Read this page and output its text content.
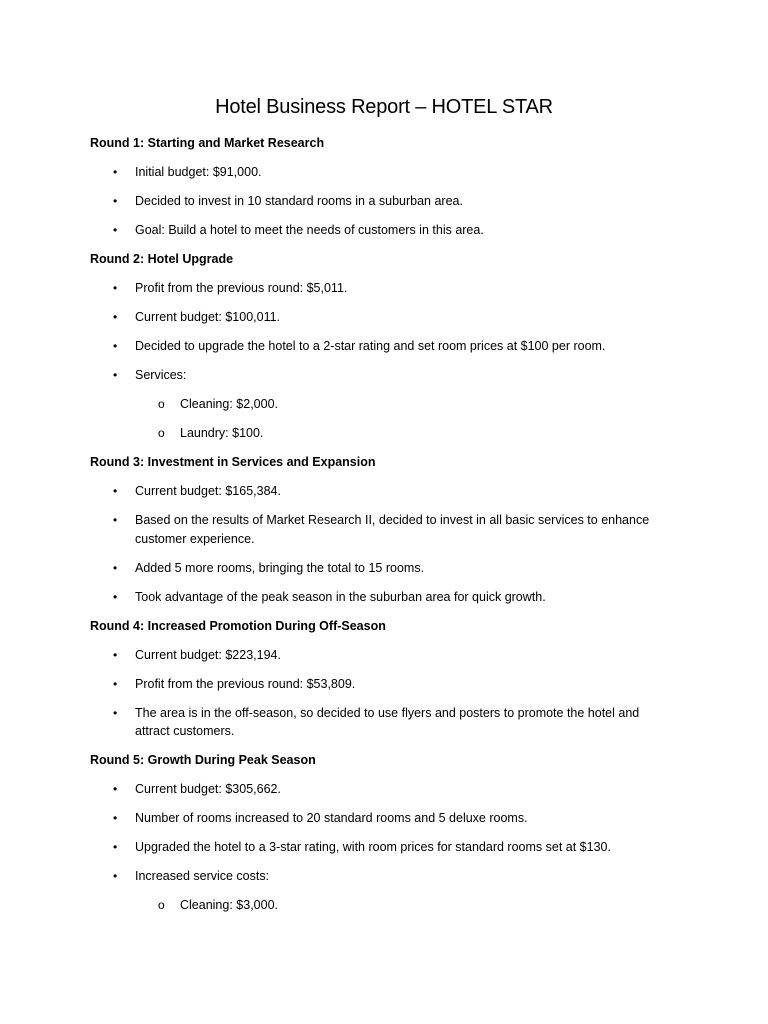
Hotel Business Report – HOTEL STAR

Round 1: Starting and Market Research

• Initial budget: $91,000.
• Decided to invest in 10 standard rooms in a suburban area.
• Goal: Build a hotel to meet the needs of customers in this area.

Round 2: Hotel Upgrade

• Profit from the previous round: $5,011.
• Current budget: $100,011.
• Decided to upgrade the hotel to a 2-star rating and set room prices at $100 per room.
• Services:
o Cleaning: $2,000.
o Laundry: $100.

Round 3: Investment in Services and Expansion

• Current budget: $165,384.
• Based on the results of Market Research II, decided to invest in all basic services to enhance customer experience.
• Added 5 more rooms, bringing the total to 15 rooms.
• Took advantage of the peak season in the suburban area for quick growth.

Round 4: Increased Promotion During Off-Season

• Current budget: $223,194.
• Profit from the previous round: $53,809.
• The area is in the off-season, so decided to use flyers and posters to promote the hotel and attract customers.

Round 5: Growth During Peak Season

• Current budget: $305,662.
• Number of rooms increased to 20 standard rooms and 5 deluxe rooms.
• Upgraded the hotel to a 3-star rating, with room prices for standard rooms set at $130.
• Increased service costs:
o Cleaning: $3,000.
